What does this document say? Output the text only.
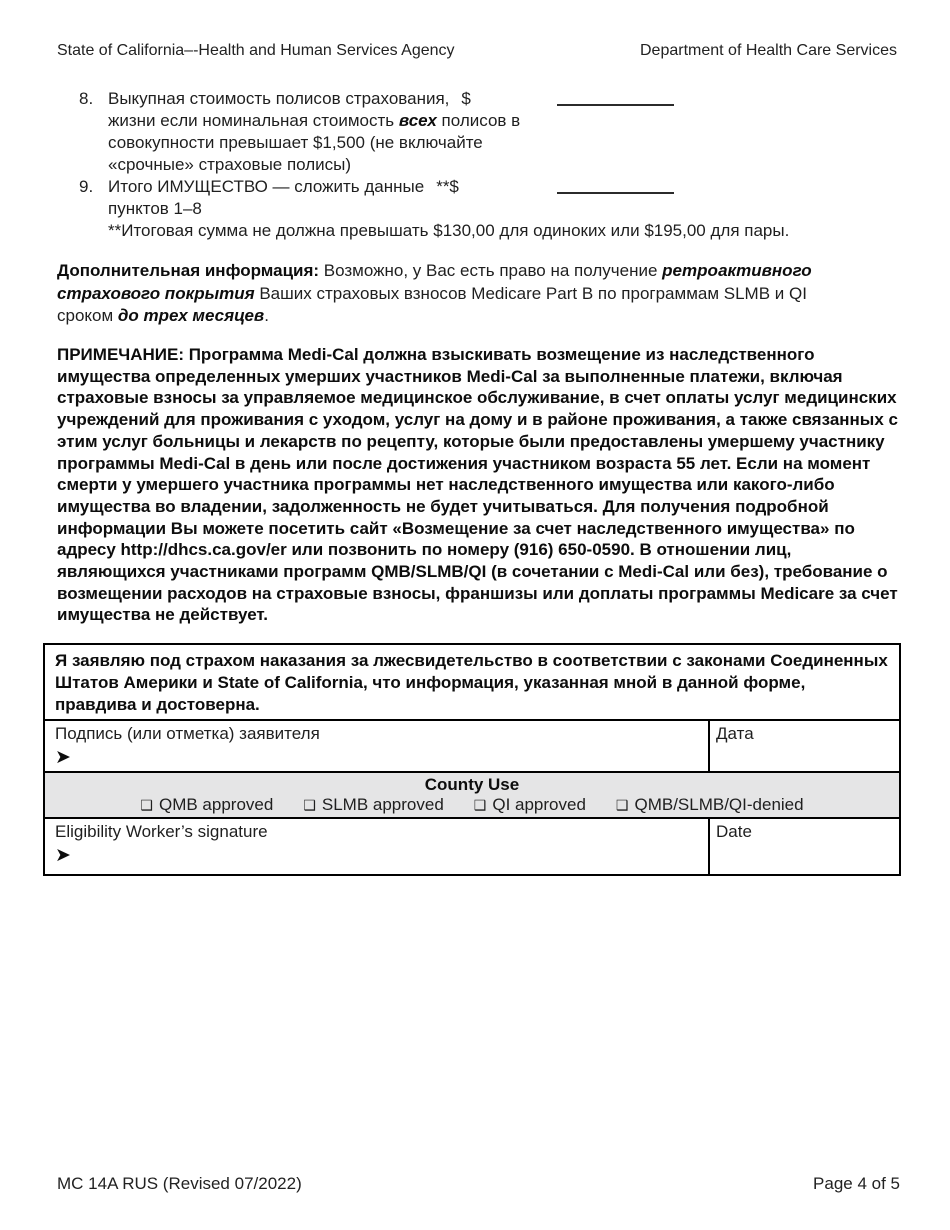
State of California–-Health and Human Services Agency	Department of Health Care Services
8. Выкупная стоимость полисов страхования, $
жизни если номинальная стоимость всех полисов в
совокупности превышает $1,500 (не включайте
«срочные» страховые полисы)
9. Итого ИМУЩЕСТВО — сложить данные **$
пунктов 1–8
**Итоговая сумма не должна превышать $130,00 для одиноких или $195,00 для пары.

Дополнительная информация: Возможно, у Вас есть право на получение ретроактивного страхового покрытия Ваших страховых взносов Medicare Part B по программам SLMB и QI сроком до трех месяцев.

ПРИМЕЧАНИЕ: Программа Medi-Cal должна взыскивать возмещение из наследственного имущества определенных умерших участников Medi-Cal за выполненные платежи, включая страховые взносы за управляемое медицинское обслуживание, в счет оплаты услуг медицинских учреждений для проживания с уходом, услуг на дому и в районе проживания, а также связанных с этим услуг больницы и лекарств по рецепту, которые были предоставлены умершему участнику программы Medi-Cal в день или после достижения участником возраста 55 лет. Если на момент смерти у умершего участника программы нет наследственного имущества или какого-либо имущества во владении, задолженность не будет учитываться. Для получения подробной информации Вы можете посетить сайт «Возмещение за счет наследственного имущества» по адресу http://dhcs.ca.gov/er или позвонить по номеру (916) 650-0590. В отношении лиц, являющихся участниками программ QMB/SLMB/QI (в сочетании с Medi-Cal или без), требование о возмещении расходов на страховые взносы, франшизы или доплаты программы Medicare за счет имущества не действует.

Я заявляю под страхом наказания за лжесвидетельство в соответствии с законами Соединенных Штатов Америки и State of California, что информация, указанная мной в данной форме, правдива и достоверна.	

Подпись (или отметка) заявителя
➤	Дата

County Use
❑ QMB approved ❑ SLMB approved ❑ QI approved ❑ QMB/SLMB/QI-denied

Eligibility Worker’s signature
➤	Date
MC 14A RUS (Revised 07/2022)	Page 4 of 5
